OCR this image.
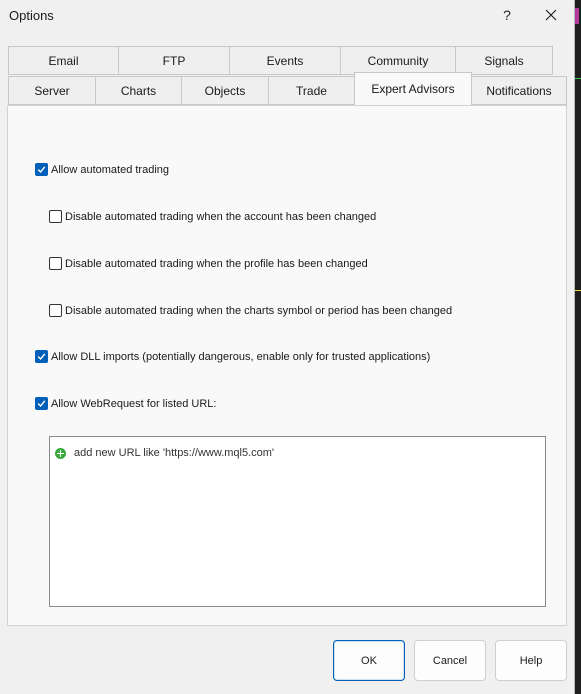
Options	?
Email	FTP	Events	Community	Signals
Server	Charts	Objects	Trade	Expert Advisors	Notifications
Allow automated trading
Disable automated trading when the account has been changed
Disable automated trading when the profile has been changed
Disable automated trading when the charts symbol or period has been changed
Allow DLL imports (potentially dangerous, enable only for trusted applications)
Allow WebRequest for listed URL:
add new URL like 'https://www.mql5.com'
OK	Cancel	Help
